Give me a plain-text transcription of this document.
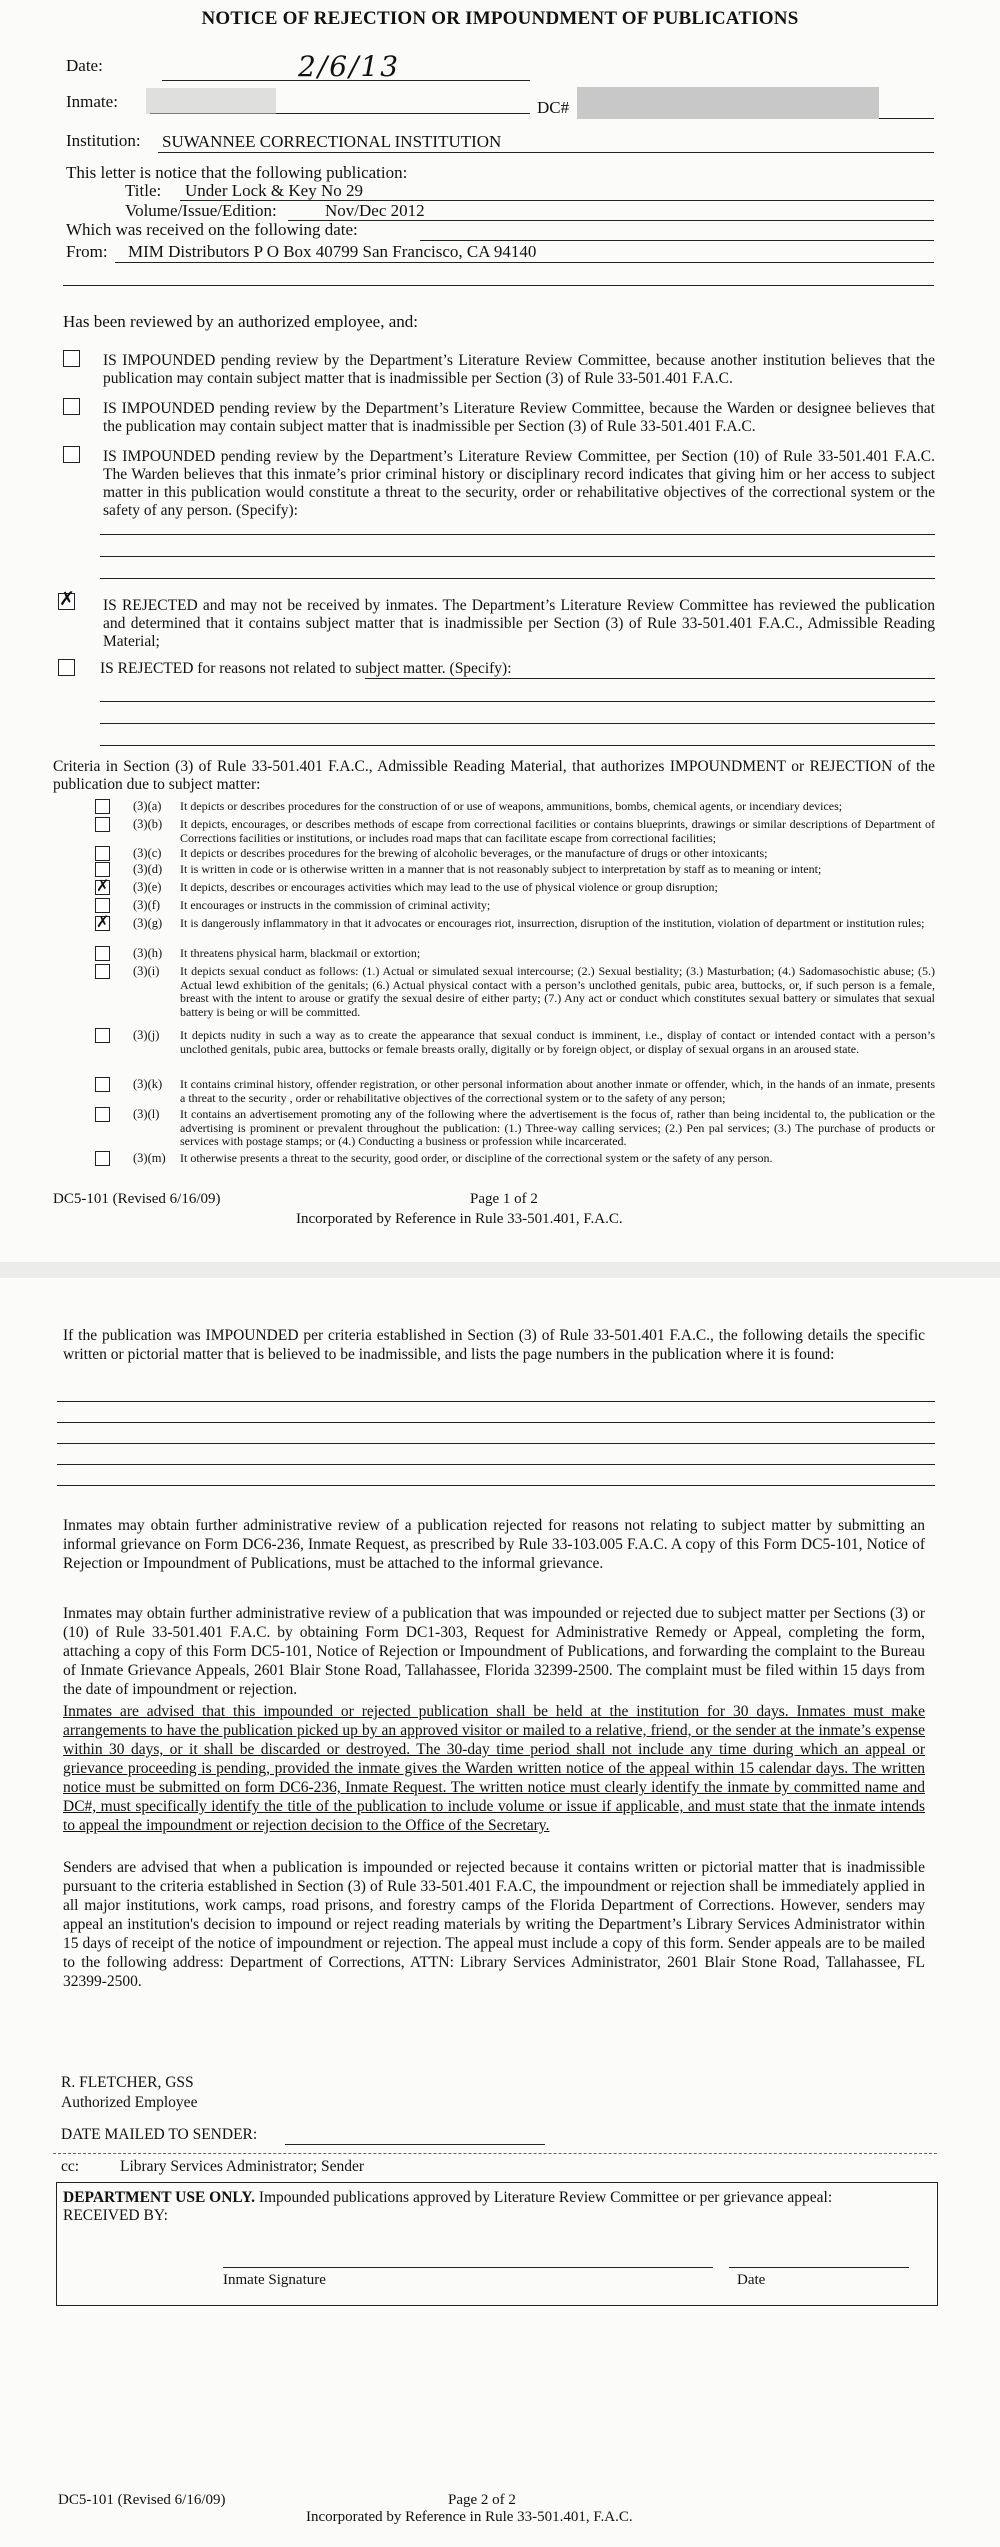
NOTICE OF REJECTION OR IMPOUNDMENT OF PUBLICATIONS
Date:	2/6/13
Inmate:	DC#
Institution: SUWANNEE CORRECTIONAL INSTITUTION
This letter is notice that the following publication:
Title: Under Lock & Key No 29
Volume/Issue/Edition:	Nov/Dec 2012
Which was received on the following date:
From: MIM Distributors P O Box 40799 San Francisco, CA 94140
Has been reviewed by an authorized employee, and:
IS IMPOUNDED pending review by the Department’s Literature Review Committee, because another institution believes that the publication may contain subject matter that is inadmissible per Section (3) of Rule 33-501.401 F.A.C.
IS IMPOUNDED pending review by the Department’s Literature Review Committee, because the Warden or designee believes that the publication may contain subject matter that is inadmissible per Section (3) of Rule 33-501.401 F.A.C.
IS IMPOUNDED pending review by the Department’s Literature Review Committee, per Section (10) of Rule 33-501.401 F.A.C. The Warden believes that this inmate’s prior criminal history or disciplinary record indicates that giving him or her access to subject matter in this publication would constitute a threat to the security, order or rehabilitative objectives of the correctional system or the safety of any person. (Specify):
✗ IS REJECTED and may not be received by inmates. The Department’s Literature Review Committee has reviewed the publication and determined that it contains subject matter that is inadmissible per Section (3) of Rule 33-501.401 F.A.C., Admissible Reading Material;
IS REJECTED for reasons not related to subject matter. (Specify):
Criteria in Section (3) of Rule 33-501.401 F.A.C., Admissible Reading Material, that authorizes IMPOUNDMENT or REJECTION of the publication due to subject matter:
(3)(a) It depicts or describes procedures for the construction of or use of weapons, ammunitions, bombs, chemical agents, or incendiary devices;
(3)(b) It depicts, encourages, or describes methods of escape from correctional facilities or contains blueprints, drawings or similar descriptions of Department of Corrections facilities or institutions, or includes road maps that can facilitate escape from correctional facilities;
(3)(c) It depicts or describes procedures for the brewing of alcoholic beverages, or the manufacture of drugs or other intoxicants;
(3)(d) It is written in code or is otherwise written in a manner that is not reasonably subject to interpretation by staff as to meaning or intent;
✗ (3)(e) It depicts, describes or encourages activities which may lead to the use of physical violence or group disruption;
(3)(f) It encourages or instructs in the commission of criminal activity;
✗ (3)(g) It is dangerously inflammatory in that it advocates or encourages riot, insurrection, disruption of the institution, violation of department or institution rules;
(3)(h) It threatens physical harm, blackmail or extortion;
(3)(i) It depicts sexual conduct as follows: (1.) Actual or simulated sexual intercourse; (2.) Sexual bestiality; (3.) Masturbation; (4.) Sadomasochistic abuse; (5.) Actual lewd exhibition of the genitals; (6.) Actual physical contact with a person’s unclothed genitals, pubic area, buttocks, or, if such person is a female, breast with the intent to arouse or gratify the sexual desire of either party; (7.) Any act or conduct which constitutes sexual battery or simulates that sexual battery is being or will be committed.
(3)(j) It depicts nudity in such a way as to create the appearance that sexual conduct is imminent, i.e., display of contact or intended contact with a person’s unclothed genitals, pubic area, buttocks or female breasts orally, digitally or by foreign object, or display of sexual organs in an aroused state.
(3)(k) It contains criminal history, offender registration, or other personal information about another inmate or offender, which, in the hands of an inmate, presents a threat to the security , order or rehabilitative objectives of the correctional system or to the safety of any person;
(3)(l) It contains an advertisement promoting any of the following where the advertisement is the focus of, rather than being incidental to, the publication or the advertising is prominent or prevalent throughout the publication: (1.) Three-way calling services; (2.) Pen pal services; (3.) The purchase of products or services with postage stamps; or (4.) Conducting a business or profession while incarcerated.
(3)(m) It otherwise presents a threat to the security, good order, or discipline of the correctional system or the safety of any person.
DC5-101 (Revised 6/16/09)	Page 1 of 2
Incorporated by Reference in Rule 33-501.401, F.A.C.
If the publication was IMPOUNDED per criteria established in Section (3) of Rule 33-501.401 F.A.C., the following details the specific written or pictorial matter that is believed to be inadmissible, and lists the page numbers in the publication where it is found:
Inmates may obtain further administrative review of a publication rejected for reasons not relating to subject matter by submitting an informal grievance on Form DC6-236, Inmate Request, as prescribed by Rule 33-103.005 F.A.C. A copy of this Form DC5-101, Notice of Rejection or Impoundment of Publications, must be attached to the informal grievance.
Inmates may obtain further administrative review of a publication that was impounded or rejected due to subject matter per Sections (3) or (10) of Rule 33-501.401 F.A.C. by obtaining Form DC1-303, Request for Administrative Remedy or Appeal, completing the form, attaching a copy of this Form DC5-101, Notice of Rejection or Impoundment of Publications, and forwarding the complaint to the Bureau of Inmate Grievance Appeals, 2601 Blair Stone Road, Tallahassee, Florida 32399-2500. The complaint must be filed within 15 days from the date of impoundment or rejection.
Inmates are advised that this impounded or rejected publication shall be held at the institution for 30 days. Inmates must make arrangements to have the publication picked up by an approved visitor or mailed to a relative, friend, or the sender at the inmate’s expense within 30 days, or it shall be discarded or destroyed. The 30-day time period shall not include any time during which an appeal or grievance proceeding is pending, provided the inmate gives the Warden written notice of the appeal within 15 calendar days. The written notice must be submitted on form DC6-236, Inmate Request. The written notice must clearly identify the inmate by committed name and DC#, must specifically identify the title of the publication to include volume or issue if applicable, and must state that the inmate intends to appeal the impoundment or rejection decision to the Office of the Secretary.
Senders are advised that when a publication is impounded or rejected because it contains written or pictorial matter that is inadmissible pursuant to the criteria established in Section (3) of Rule 33-501.401 F.A.C, the impoundment or rejection shall be immediately applied in all major institutions, work camps, road prisons, and forestry camps of the Florida Department of Corrections. However, senders may appeal an institution's decision to impound or reject reading materials by writing the Department’s Library Services Administrator within 15 days of receipt of the notice of impoundment or rejection. The appeal must include a copy of this form. Sender appeals are to be mailed to the following address: Department of Corrections, ATTN: Library Services Administrator, 2601 Blair Stone Road, Tallahassee, FL 32399-2500.
R. FLETCHER, GSS
Authorized Employee
DATE MAILED TO SENDER:
cc:	Library Services Administrator; Sender
DEPARTMENT USE ONLY. Impounded publications approved by Literature Review Committee or per grievance appeal:
RECEIVED BY:
Inmate Signature	Date
DC5-101 (Revised 6/16/09)	Page 2 of 2
Incorporated by Reference in Rule 33-501.401, F.A.C.
